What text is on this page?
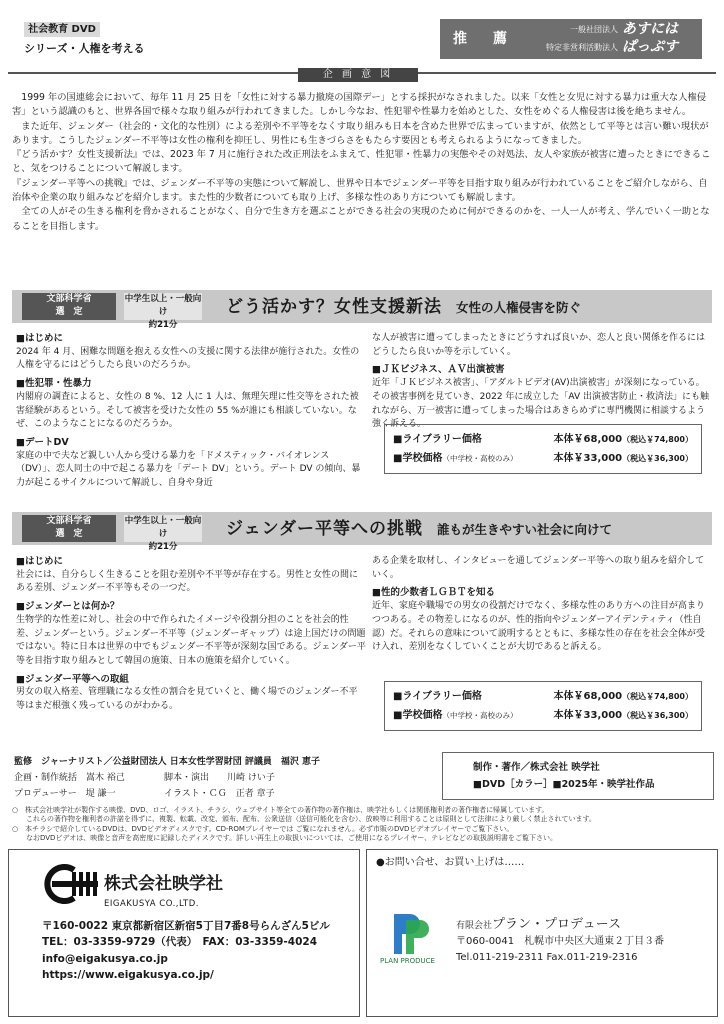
社会教育 DVD
シリーズ・人権を考える
推　薦
一般社団法人 あすには
特定非営利活動法人 ぱっぷす
企 画 意 図

1999 年の国連総会において、毎年 11 月 25 日を「女性に対する暴力撤廃の国際デー」とする採択がなされました。以来「女性と女児に対する暴力は重大な人権侵害」という認識のもと、世界各国で様々な取り組みが行われてきました。しかし今なお、性犯罪や性暴力を始めとした、女性をめぐる人権侵害は後を絶ちません。

また近年、ジェンダー（社会的・文化的な性別）による差別や不平等をなくす取り組みも日本を含めた世界で広まっていますが、依然として平等とは言い難い現状があります。こうしたジェンダー不平等は女性の権利を抑圧し、男性にも生きづらさをもたらす要因とも考えられるようになってきました。

『どう活かす？女性支援新法』では、2023 年 7 月に施行された改正刑法をふまえて、性犯罪・性暴力の実態やその対処法、友人や家族が被害に遭ったときにできること、気をつけることについて解説します。

『ジェンダー平等への挑戦』では、ジェンダー不平等の実態について解説し、世界や日本でジェンダー平等を目指す取り組みが行われていることをご紹介しながら、自治体や企業の取り組みなどを紹介します。また性的少数者についても取り上げ、多様な性のあり方についても解説します。

全ての人がその生きる権利を脅かされることがなく、自分で生き方を選ぶことができる社会の実現のために何ができるのかを、一人一人が考え、学んでいく一助となることを目指します。

文部科学省
選　定
中学生以上・一般向け
約21分
どう活かす？女性支援新法 女性の人権侵害を防ぐ
■はじめに
2024 年 4 月、困難な問題を抱える女性への支援に関する法律が施行された。女性の人権を守るにはどうしたら良いのだろうか。
■性犯罪・性暴力
内閣府の調査によると、女性の 8 %、12 人に 1 人は、無理矢理に性交等をされた被害経験があるという。そして被害を受けた女性の 55 %が誰にも相談していない。なぜ、このようなことになるのだろうか。
■デートDV
家庭の中で夫など親しい人から受ける暴力を「ドメスティック・バイオレンス（DV）」、恋人同士の中で起こる暴力を「デート DV」という。デート DV の傾向、暴力が起こるサイクルについて解説し、自身や身近
な人が被害に遭ってしまったときにどうすれば良いか、恋人と良い関係を作るにはどうしたら良いか等を示していく。
■ＪＫビジネス、ＡＶ出演被害
近年「ＪＫビジネス被害」、「アダルトビデオ(AV)出演被害」が深刻になっている。その被害事例を見ていき、2022 年に成立した「AV 出演被害防止・救済法」にも触れながら、万一被害に遭ってしまった場合はあきらめずに専門機関に相談するよう強く訴える。
■ライブラリー価格	本体￥68,000（税込￥74,800）
■学校価格（中学校・高校のみ）	本体￥33,000（税込￥36,300）
文部科学省
選　定
中学生以上・一般向け
約21分
ジェンダー平等への挑戦 誰もが生きやすい社会に向けて
■はじめに
社会には、自分らしく生きることを阻む差別や不平等が存在する。男性と女性の間にある差別、ジェンダー不平等もその一つだ。
■ジェンダーとは何か？
生物学的な性差に対し、社会の中で作られたイメージや役割分担のことを社会的性差、ジェンダーという。ジェンダー不平等（ジェンダーギャップ）は途上国だけの問題ではない。特に日本は世界の中でもジェンダー不平等が深刻な国である。ジェンダー平等を目指す取り組みとして韓国の施策、日本の施策を紹介していく。
■ジェンダー平等への取組
男女の収入格差、管理職になる女性の割合を見ていくと、働く場でのジェンダー不平等はまだ根強く残っているのがわかる。
ある企業を取材し、インタビューを通してジェンダー平等への取り組みを紹介していく。
■性的少数者ＬＧＢＴを知る
近年、家庭や職場での男女の役割だけでなく、多様な性のあり方への注目が高まりつつある。その物差しになるのが、性的指向やジェンダーアイデンティティ（性自認）だ。それらの意味について説明するとともに、多様な性の存在を社会全体が受け入れ、差別をなくしていくことが大切であると訴える。
■ライブラリー価格	本体￥68,000（税込￥74,800）
■学校価格（中学校・高校のみ）	本体￥33,000（税込￥36,300）
監修　ジャーナリスト／公益財団法人 日本女性学習財団 評議員　福沢 恵子
企画・制作統括　嵩木 裕己	脚本・演出　　川崎 けい子
プロデューサー　堤 謙一	イラスト・ＣＧ　正者 章子
制作・著作／株式会社 映学社
■DVD［カラー］■2025年・映学社作品
○　株式会社映学社が製作する映像、DVD、ロゴ、イラスト、チラシ、ウェブサイト等全ての著作物の著作権は、映学社もしくは関係権利者の著作権者に帰属しています。
　　これらの著作物を権利者の許諾を得ずに、複製、転載、改変、頒布、配布、公衆送信（送信可能化を含む）、放映等に利用することは原則として法律により厳しく禁止されています。
○　本チラシで紹介しているDVDは、DVDビデオディスクです。CD-ROMプレイヤーでは ご覧になれません。必ず市販のDVDビデオプレイヤーでご覧下さい。
　　なおDVDビデオは、映像と音声を高密度に記録したディスクです。詳しい再生上の取扱いについては、ご使用になるプレイヤー、テレビなどの取扱説明書をご覧下さい。
株式会社映学社
EIGAKUSYA CO.,LTD.
〒160-0022 東京都新宿区新宿5丁目7番8号らんざん5ビル
TEL：03-3359-9729（代表）　FAX：03-3359-4024
info@eigakusya.co.jp
https://www.eigakusya.co.jp/
●お問い合せ、お買い上げは……
PLAN PRODUCE
有限会社プラン・プロデュース
〒060-0041　札幌市中央区大通東２丁目３番
Tel.011-219-2311 Fax.011-219-2316
